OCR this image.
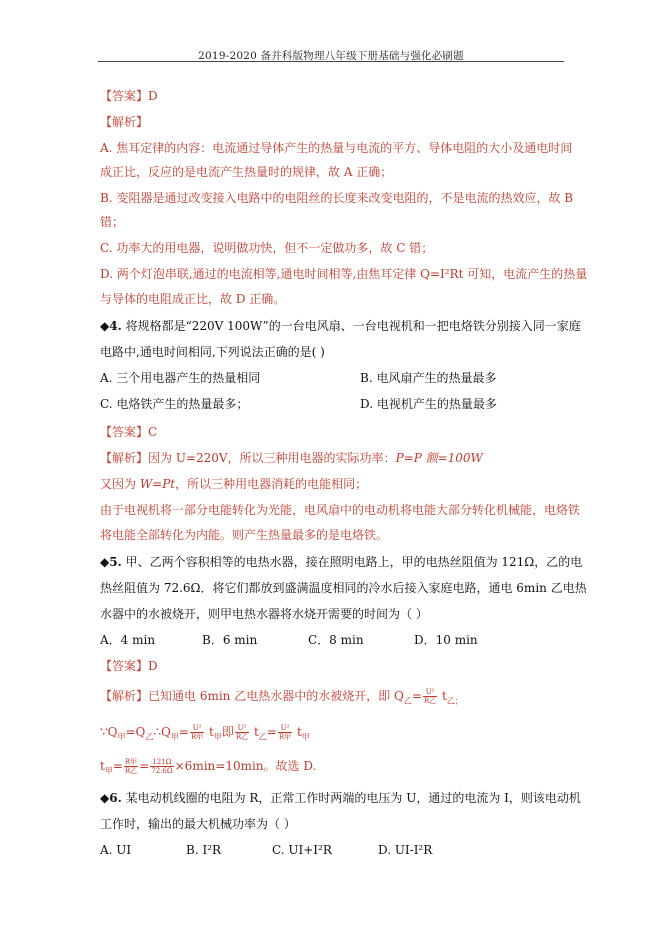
2019-2020 备并科版物理八年级下册基础与强化必刷题
【答案】D
【解析】
A. 焦耳定律的内容：电流通过导体产生的热量与电流的平方、导体电阻的大小及通电时间
成正比，反应的是电流产生热量时的规律，故 A 正确；
B. 变阻器是通过改变接入电路中的电阻丝的长度来改变电阻的，不是电流的热效应，故 B
错；
C. 功率大的用电器，说明做功快，但不一定做功多，故 C 错；
D. 两个灯泡串联,通过的电流相等,通电时间相等,由焦耳定律 Q=I²Rt 可知，电流产生的热量
与导体的电阻成正比，故 D 正确。
◆4. 将规格都是“220V 100W”的一台电风扇、一台电视机和一把电烙铁分别接入同一家庭
电路中,通电时间相同,下列说法正确的是( )
A. 三个用电器产生的热量相同	B. 电风扇产生的热量最多
C. 电烙铁产生的热量最多；	D. 电视机产生的热量最多
【答案】C
【解析】因为 U=220V，所以三种用电器的实际功率：P=P 额=100W
又因为 W=Pt，所以三种用电器消耗的电能相同；
由于电视机将一部分电能转化为光能，电风扇中的电动机将电能大部分转化机械能，电烙铁
将电能全部转化为内能。则产生热量最多的是电烙铁。
◆5. 甲、乙两个容积相等的电热水器，接在照明电路上，甲的电热丝阻值为 121Ω，乙的电
热丝阻值为 72.6Ω．将它们都放到盛满温度相同的冷水后接入家庭电路，通电 6min 乙电热
水器中的水被烧开，则甲电热水器将水烧开需要的时间为（ ）
A．4 min	B．6 min	C．8 min	D．10 min
【答案】D
【解析】已知通电 6min 乙电热水器中的水被烧开，即 $Q_乙= \frac{\text{U²}}{\text{R乙}} t_{乙;}$
$\because Q_甲=Q_乙\therefore Q_甲= \frac{\text{U²}}{\text{R甲}} t_甲$即 $\frac{\text{U²}}{\text{R乙}} t_乙= \frac{\text{U²}}{\text{R甲}} t_甲$
$t_甲= \frac{\text{R甲}}{\text{R乙}} = \frac{121\Omega}{72.6\Omega} \times 6\min=10\min$。故选 D.
◆6. 某电动机线圈的电阻为 R，正常工作时两端的电压为 U，通过的电流为 I，则该电动机
工作时，输出的最大机械功率为（ ）
A. UI	B. I²R	C. UI+I²R	D. UI-I²R
